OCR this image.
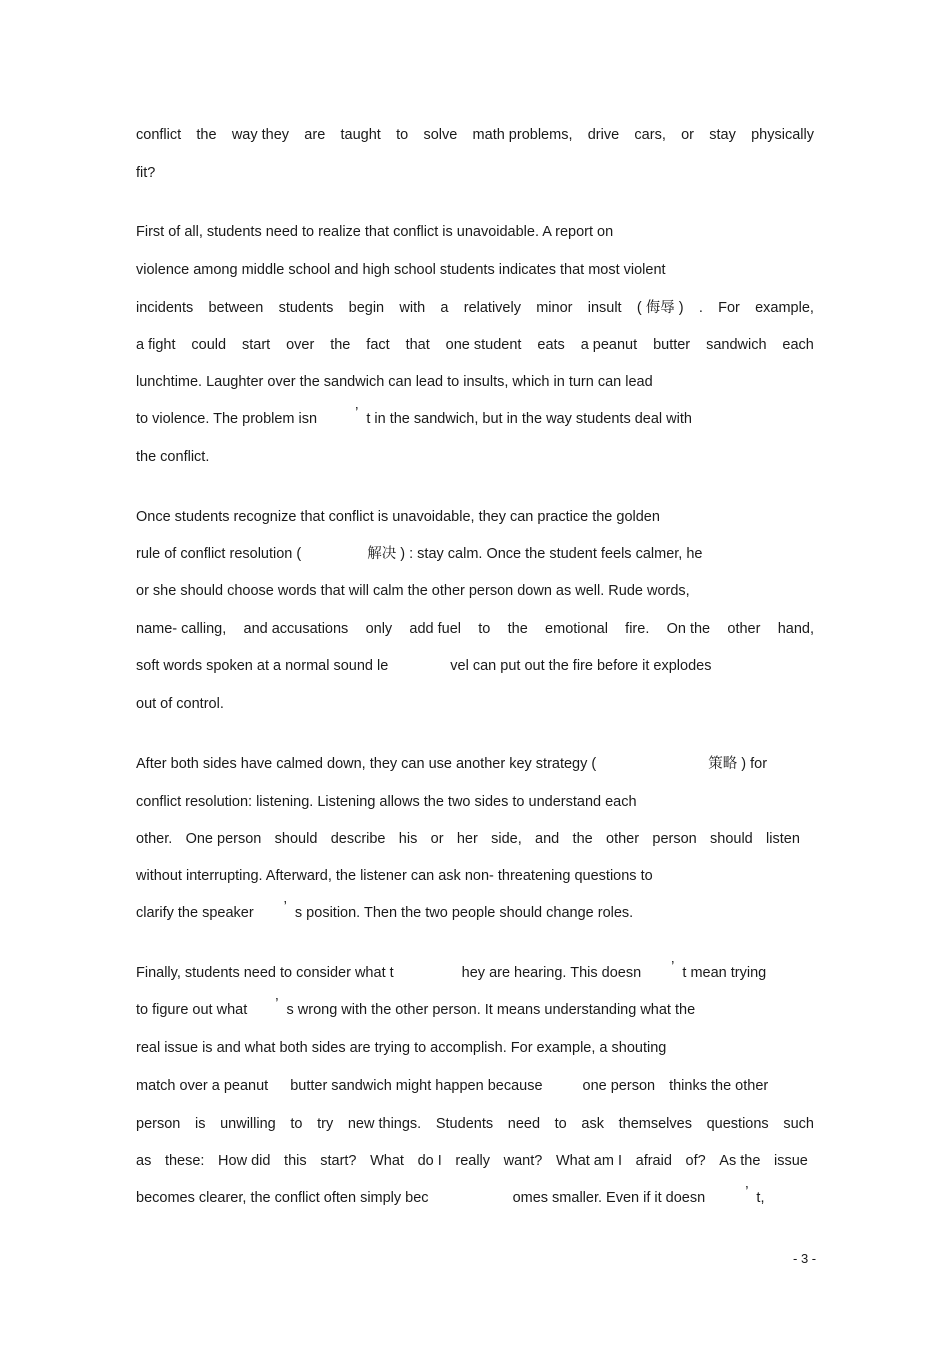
conflict the way they are taught to solve math problems, drive cars, or stay physically
fit?
First of all, students need to realize that conflict is unavoidable. A report on
violence among middle school and high school students indicates that most violent
incidents between students begin with a relatively minor insult ( 侮辱 ) . For example,
a fight could start over the fact that one student eats a peanut butter sandwich each
lunchtime. Laughter over the sandwich can lead to insults, which in turn can lead
to violence. The problem isn	’ t in the sandwich, but in the way students deal with
the conflict.
Once students recognize that conflict is unavoidable, they can practice the golden
rule of conflict resolution (	解决 ) : stay calm. Once the student feels calmer, he
or she should choose words that will calm the other person down as well. Rude words,
name- calling, and accusations only add fuel to the emotional fire. On the other hand,
soft words spoken at a normal sound le	vel can put out the fire before it explodes
out of control.
After both sides have calmed down, they can use another key strategy (	策略 ) for
conflict resolution: listening. Listening allows the two sides to understand each
other. One person should describe his or her side, and the other person should listen
without interrupting. Afterward, the listener can ask non- threatening questions to
clarify the speaker ’ s position. Then the two people should change roles.
Finally, students need to consider what t	hey are hearing. This doesn ’ t mean trying
to figure out what ’ s wrong with the other person. It means understanding what the
real issue is and what both sides are trying to accomplish. For example, a shouting
match over a peanut butter sandwich might happen because	one person thinks the other
person is unwilling to try new things. Students need to ask themselves questions such
as these: How did this start? What do I really want? What am I afraid of? As the issue
becomes clearer, the conflict often simply bec	omes smaller. Even if it doesn	’ t,
- 3 -
